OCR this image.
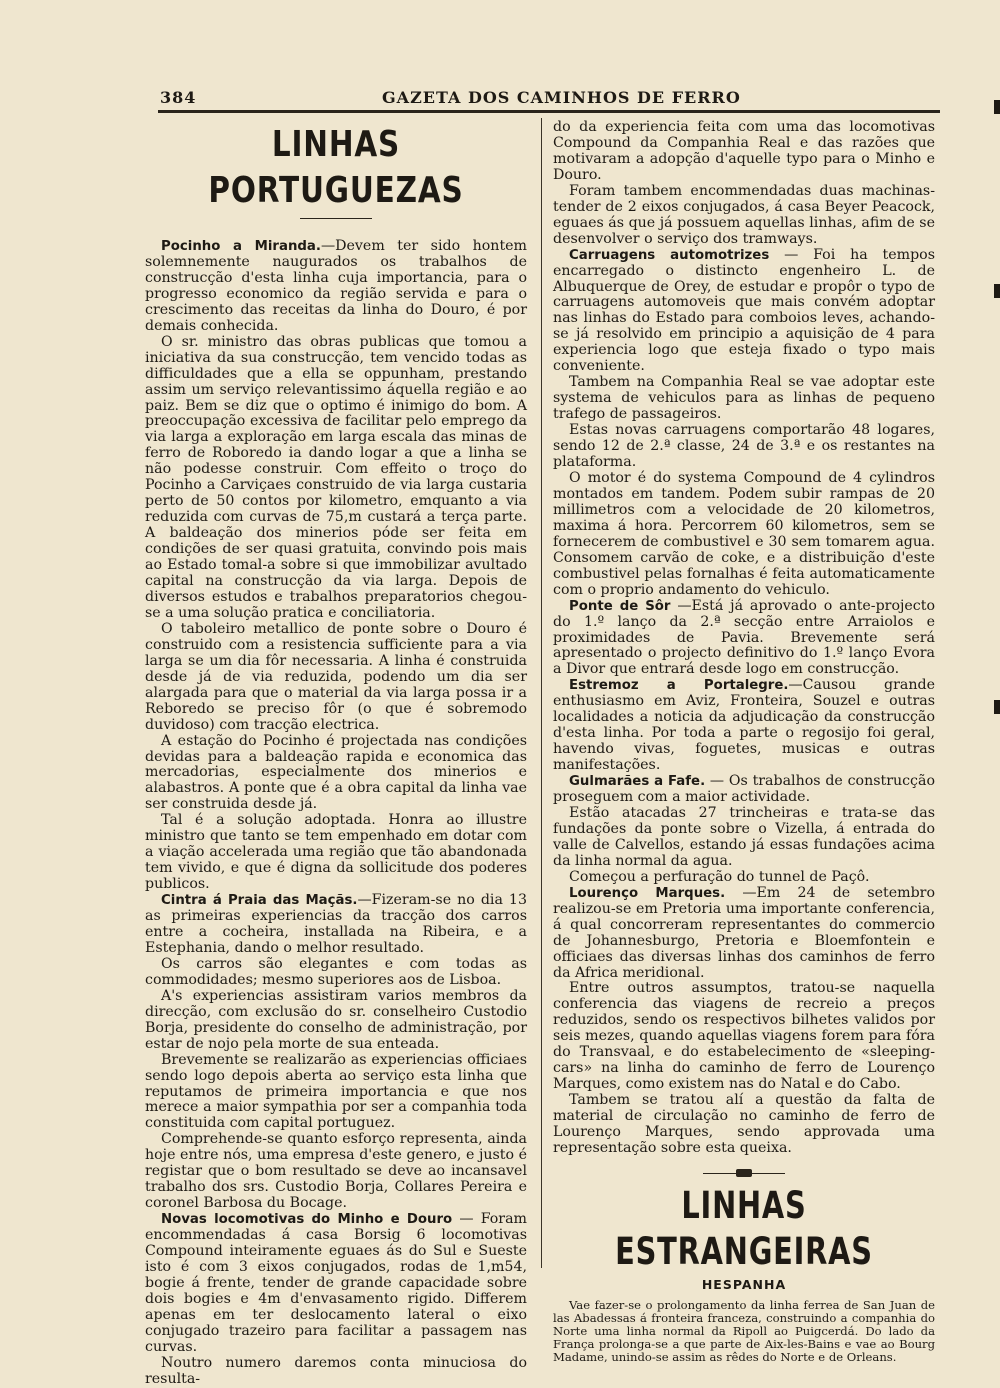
384	GAZETA DOS CAMINHOS DE FERRO
LINHAS PORTUGUEZAS

Pocinho a Miranda.—Devem ter sido hontem solemnemente naugurados os trabalhos de construcção d'esta linha cuja importancia, para o progresso economico da região servida e para o crescimento das receitas da linha do Douro, é por demais conhecida.

O sr. ministro das obras publicas que tomou a iniciativa da sua construcção, tem vencido todas as difficuldades que a ella se oppunham, prestando assim um serviço relevantissimo áquella região e ao paiz. Bem se diz que o optimo é inimigo do bom. A preoccupação excessiva de facilitar pelo emprego da via larga a exploração em larga escala das minas de ferro de Roboredo ia dando logar a que a linha se não podesse construir. Com effeito o troço do Pocinho a Carviçaes construido de via larga custaria perto de 50 contos por kilometro, emquanto a via reduzida com curvas de 75,m custará a terça parte. A baldeação dos minerios póde ser feita em condições de ser quasi gratuita, convindo pois mais ao Estado tomal-a sobre si que immobilizar avultado capital na construcção da via larga. Depois de diversos estudos e trabalhos preparatorios chegou-se a uma solução pratica e conciliatoria.

O taboleiro metallico de ponte sobre o Douro é construido com a resistencia sufficiente para a via larga se um dia fôr necessaria. A linha é construida desde já de via reduzida, podendo um dia ser alargada para que o material da via larga possa ir a Reboredo se preciso fôr (o que é sobremodo duvidoso) com tracção electrica.

A estação do Pocinho é projectada nas condições devidas para a baldeação rapida e economica das mercadorias, especialmente dos minerios e alabastros. A ponte que é a obra capital da linha vae ser construida desde já.

Tal é a solução adoptada. Honra ao illustre ministro que tanto se tem empenhado em dotar com a viação accelerada uma região que tão abandonada tem vivido, e que é digna da sollicitude dos poderes publicos.

Cintra á Praia das Maçãs.—Fizeram-se no dia 13 as primeiras experiencias da tracção dos carros entre a cocheira, installada na Ribeira, e a Estephania, dando o melhor resultado.

Os carros são elegantes e com todas as commodidades; mesmo superiores aos de Lisboa.

A's experiencias assistiram varios membros da direcção, com exclusão do sr. conselheiro Custodio Borja, presidente do conselho de administração, por estar de nojo pela morte de sua enteada.

Brevemente se realizarão as experiencias officiaes sendo logo depois aberta ao serviço esta linha que reputamos de primeira importancia e que nos merece a maior sympathia por ser a companhia toda constituida com capital portuguez.

Comprehende-se quanto esforço representa, ainda hoje entre nós, uma empresa d'este genero, e justo é registar que o bom resultado se deve ao incansavel trabalho dos srs. Custodio Borja, Collares Pereira e coronel Barbosa du Bocage.

Novas locomotivas do Minho e Douro — Foram encommendadas á casa Borsig 6 locomotivas Compound inteiramente eguaes ás do Sul e Sueste isto é com 3 eixos conjugados, rodas de 1,m54, bogie á frente, tender de grande capacidade sobre dois bogies e 4m d'envasamento rigido. Differem apenas em ter deslocamento lateral o eixo conjugado trazeiro para facilitar a passagem nas curvas.

Noutro numero daremos conta minuciosa do resulta-

do da experiencia feita com uma das locomotivas Compound da Companhia Real e das razões que motivaram a adopção d'aquelle typo para o Minho e Douro.

Foram tambem encommendadas duas machinas-tender de 2 eixos conjugados, á casa Beyer Peacock, eguaes ás que já possuem aquellas linhas, afim de se desenvolver o serviço dos tramways.

Carruagens automotrizes — Foi ha tempos encarregado o distincto engenheiro L. de Albuquerque de Orey, de estudar e propôr o typo de carruagens automoveis que mais convém adoptar nas linhas do Estado para comboios leves, achando-se já resolvido em principio a aquisição de 4 para experiencia logo que esteja fixado o typo mais conveniente.

Tambem na Companhia Real se vae adoptar este systema de vehiculos para as linhas de pequeno trafego de passageiros.

Estas novas carruagens comportarão 48 logares, sendo 12 de 2.ª classe, 24 de 3.ª e os restantes na plataforma.

O motor é do systema Compound de 4 cylindros montados em tandem. Podem subir rampas de 20 millimetros com a velocidade de 20 kilometros, maxima á hora. Percorrem 60 kilometros, sem se fornecerem de combustivel e 30 sem tomarem agua. Consomem carvão de coke, e a distribuição d'este combustivel pelas fornalhas é feita automaticamente com o proprio andamento do vehiculo.

Ponte de Sôr —Está já aprovado o ante-projecto do 1.º lanço da 2.ª secção entre Arraiolos e proximidades de Pavia. Brevemente será apresentado o projecto definitivo do 1.º lanço Evora a Divor que entrará desde logo em construcção.

Estremoz a Portalegre.—Causou grande enthusiasmo em Aviz, Fronteira, Souzel e outras localidades a noticia da adjudicação da construcção d'esta linha. Por toda a parte o regosijo foi geral, havendo vivas, foguetes, musicas e outras manifestações.

Gulmarães a Fafe. — Os trabalhos de construcção proseguem com a maior actividade.

Estão atacadas 27 trincheiras e trata-se das fundações da ponte sobre o Vizella, á entrada do valle de Calvellos, estando já essas fundações acima da linha normal da agua.

Começou a perfuração do tunnel de Paçô.

Lourenço Marques. —Em 24 de setembro realizou-se em Pretoria uma importante conferencia, á qual concorreram representantes do commercio de Johannesburgo, Pretoria e Bloemfontein e officiaes das diversas linhas dos caminhos de ferro da Africa meridional.

Entre outros assumptos, tratou-se naquella conferencia das viagens de recreio a preços reduzidos, sendo os respectivos bilhetes validos por seis mezes, quando aquellas viagens forem para fóra do Transvaal, e do estabelecimento de «sleeping-cars» na linha do caminho de ferro de Lourenço Marques, como existem nas do Natal e do Cabo.

Tambem se tratou alí a questão da falta de material de circulação no caminho de ferro de Lourenço Marques, sendo approvada uma representação sobre esta queixa.

LINHAS ESTRANGEIRAS
HESPANHA

Vae fazer-se o prolongamento da linha ferrea de San Juan de las Abadessas á fronteira franceza, construindo a companhia do Norte uma linha normal da Ripoll ao Puigcerdá. Do lado da França prolonga-se a que parte de Aix-les-Bains e vae ao Bourg Madame, unindo-se assim as rêdes do Norte e de Orleans.
